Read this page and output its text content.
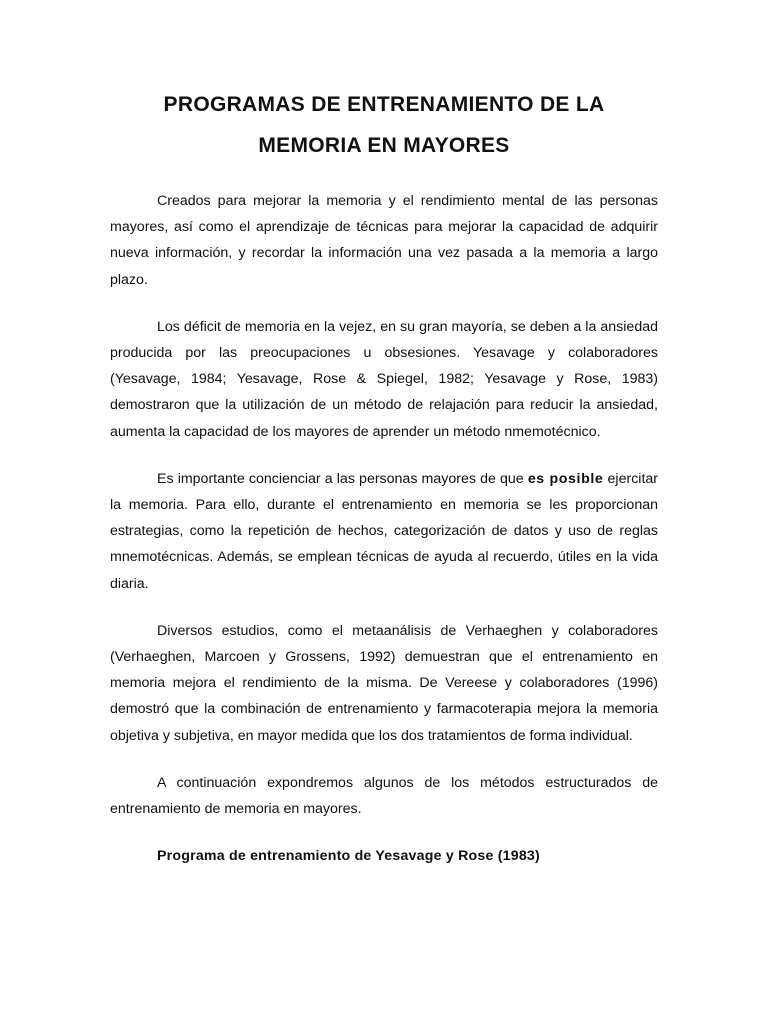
PROGRAMAS DE ENTRENAMIENTO DE LA
MEMORIA EN MAYORES

Creados para mejorar la memoria y el rendimiento mental de las personas mayores, así como el aprendizaje de técnicas para mejorar la capacidad de adquirir nueva información, y recordar la información una vez pasada a la memoria a largo plazo.

Los déficit de memoria en la vejez, en su gran mayoría, se deben a la ansiedad producida por las preocupaciones u obsesiones. Yesavage y colaboradores (Yesavage, 1984; Yesavage, Rose & Spiegel, 1982; Yesavage y Rose, 1983) demostraron que la utilización de un método de relajación para reducir la ansiedad, aumenta la capacidad de los mayores de aprender un método nmemotécnico.

Es importante concienciar a las personas mayores de que es posible ejercitar la memoria. Para ello, durante el entrenamiento en memoria se les proporcionan estrategias, como la repetición de hechos, categorización de datos y uso de reglas mnemotécnicas. Además, se emplean técnicas de ayuda al recuerdo, útiles en la vida diaria.

Diversos estudios, como el metaanálisis de Verhaeghen y colaboradores (Verhaeghen, Marcoen y Grossens, 1992) demuestran que el entrenamiento en memoria mejora el rendimiento de la misma. De Vereese y colaboradores (1996) demostró que la combinación de entrenamiento y farmacoterapia mejora la memoria objetiva y subjetiva, en mayor medida que los dos tratamientos de forma individual.

A continuación expondremos algunos de los métodos estructurados de entrenamiento de memoria en mayores.

Programa de entrenamiento de Yesavage y Rose (1983)
